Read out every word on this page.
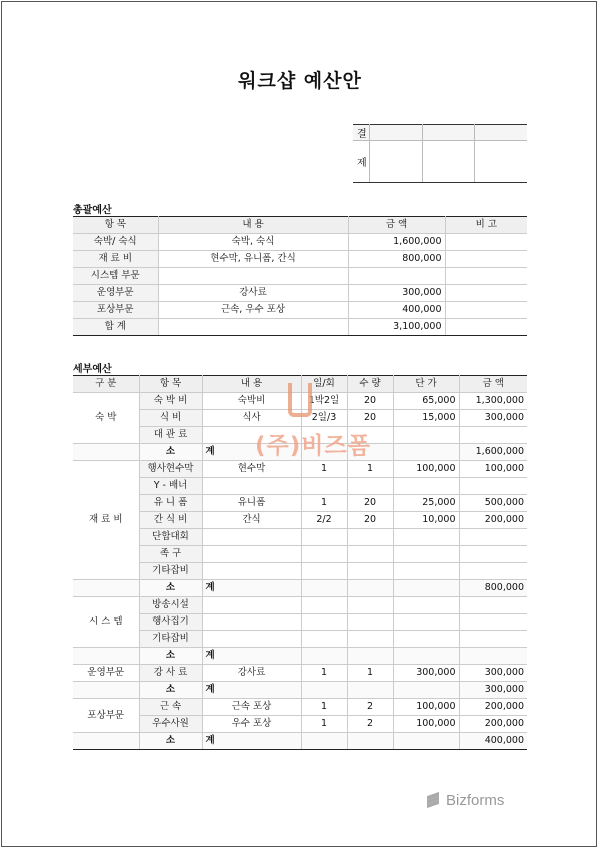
워크샵 예산안
결			
제			
총괄예산
항 목	내 용	금 액	비 고
숙박/ 숙식	숙박, 숙식	1,600,000	
재 료 비	현수막, 유니폼, 간식	800,000	
시스템 부문			
운영부문	강사료	300,000	
포상부문	근속, 우수 포상	400,000	
합 계		3,100,000	
세부예산
구 분	항 목	내 용	일/회	수 량	단 가	금 액
숙 박	숙 박 비	숙박비	1박2일	20	65,000	1,300,000
	식 비	식사	2일/3	20	15,000	300,000
	대 관 료					
	소	계				1,600,000
재 료 비	행사현수막	현수막	1	1	100,000	100,000
	Y - 배너					
	유 니 폼	유니폼	1	20	25,000	500,000
	간 식 비	간식	2/2	20	10,000	200,000
	단합대회					
	족 구					
	기타잡비					
	소	계				800,000
시 스 템	방송시설					
	행사집기					
	기타잡비					
	소	계				
운영부문	강 사 료	강사료	1	1	300,000	300,000
	소	계				300,000
포상부문	근 속	근속 포상	1	2	100,000	200,000
	우수사원	우수 포상	1	2	100,000	200,000
	소	계				400,000
(주)비즈폼
Bizforms
